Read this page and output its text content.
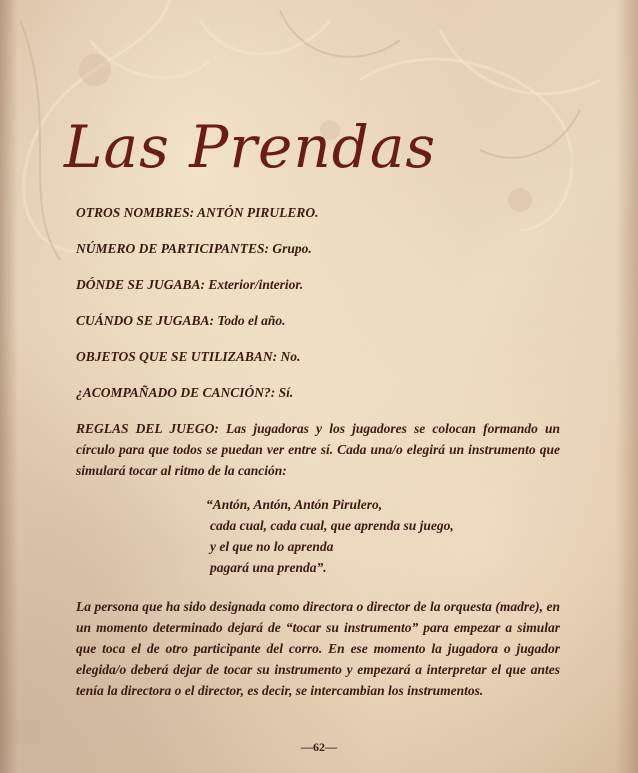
Las Prendas

OTROS NOMBRES: ANTÓN PIRULERO.

NÚMERO DE PARTICIPANTES: Grupo.

DÓNDE SE JUGABA: Exterior/interior.

CUÁNDO SE JUGABA: Todo el año.

OBJETOS QUE SE UTILIZABAN: No.

¿ACOMPAÑADO DE CANCIÓN?: Sí.

REGLAS DEL JUEGO: Las jugadoras y los jugadores se colocan formando un círculo para que todos se puedan ver entre sí. Cada una/o elegirá un instrumento que simulará tocar al ritmo de la canción:

“Antón, Antón, Antón Pirulero,
cada cual, cada cual, que aprenda su juego,
y el que no lo aprenda
pagará una prenda”.

La persona que ha sido designada como directora o director de la orquesta (madre), en un momento determinado dejará de “tocar su instrumento” para empezar a simular que toca el de otro participante del corro. En ese momento la jugadora o jugador elegida/o deberá dejar de tocar su instrumento y empezará a interpretar el que antes tenía la directora o el director, es decir, se intercambian los instrumentos.

—62—
